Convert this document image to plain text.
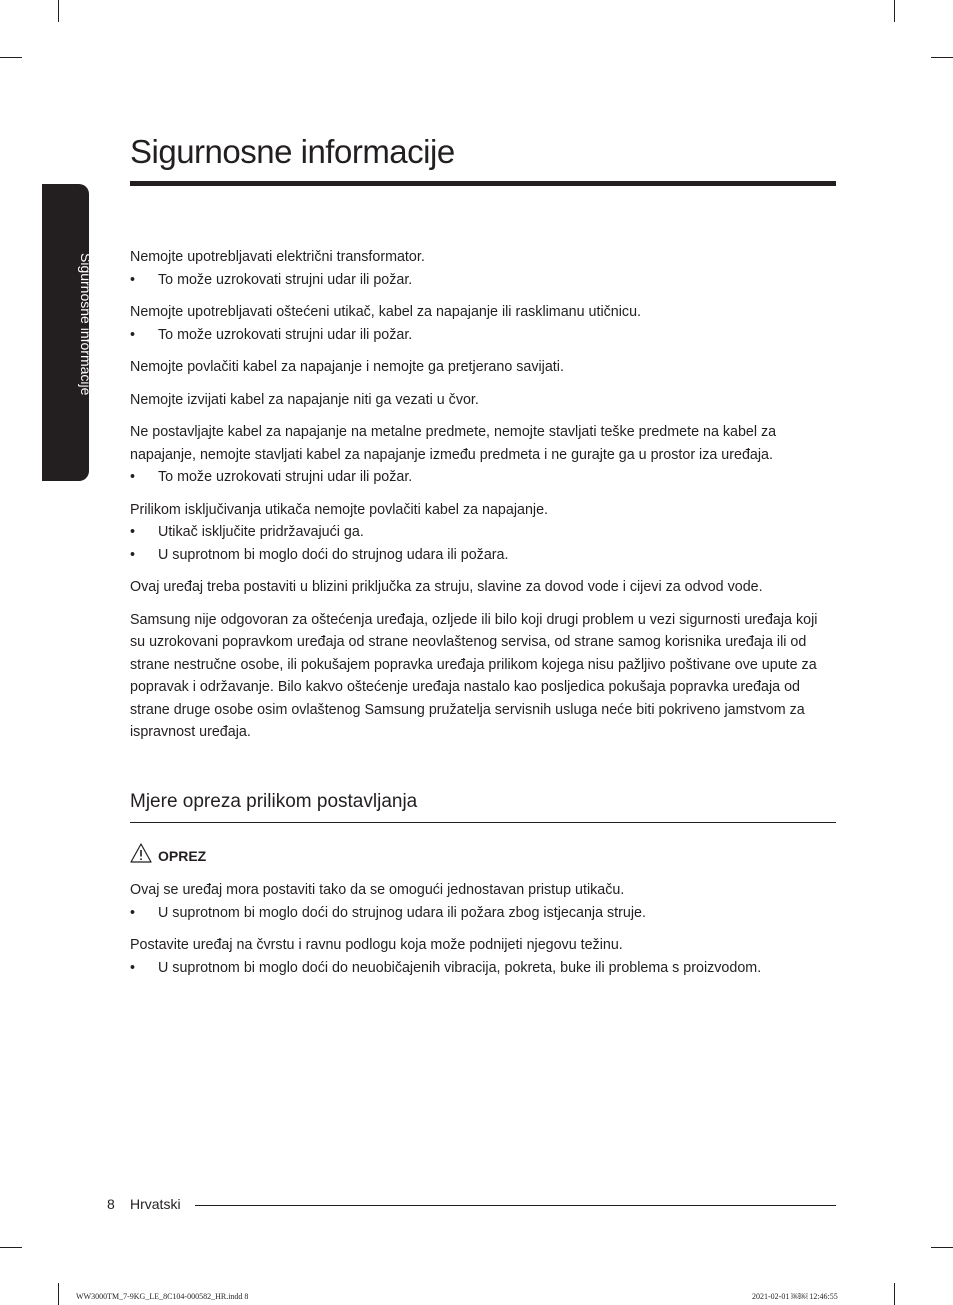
Sigurnosne informacije
Sigurnosne informacije

Nemojte upotrebljavati električni transformator.

• To može uzrokovati strujni udar ili požar.

Nemojte upotrebljavati oštećeni utikač, kabel za napajanje ili rasklimanu utičnicu.

• To može uzrokovati strujni udar ili požar.

Nemojte povlačiti kabel za napajanje i nemojte ga pretjerano savijati.

Nemojte izvijati kabel za napajanje niti ga vezati u čvor.

Ne postavljajte kabel za napajanje na metalne predmete, nemojte stavljati teške predmete na kabel za napajanje, nemojte stavljati kabel za napajanje između predmeta i ne gurajte ga u prostor iza uređaja.

• To može uzrokovati strujni udar ili požar.

Prilikom isključivanja utikača nemojte povlačiti kabel za napajanje.

• Utikač isključite pridržavajući ga.
• U suprotnom bi moglo doći do strujnog udara ili požara.

Ovaj uređaj treba postaviti u blizini priključka za struju, slavine za dovod vode i cijevi za odvod vode.

Samsung nije odgovoran za oštećenja uređaja, ozljede ili bilo koji drugi problem u vezi sigurnosti uređaja koji su uzrokovani popravkom uređaja od strane neovlaštenog servisa, od strane samog korisnika uređaja ili od strane nestručne osobe, ili pokušajem popravka uređaja prilikom kojega nisu pažljivo poštivane ove upute za popravak i održavanje. Bilo kakvo oštećenje uređaja nastalo kao posljedica pokušaja popravka uređaja od strane druge osobe osim ovlaštenog Samsung pružatelja servisnih usluga neće biti pokriveno jamstvom za ispravnost uređaja.

Mjere opreza prilikom postavljanja
OPREZ

Ovaj se uređaj mora postaviti tako da se omogući jednostavan pristup utikaču.

• U suprotnom bi moglo doći do strujnog udara ili požara zbog istjecanja struje.

Postavite uređaj na čvrstu i ravnu podlogu koja može podnijeti njegovu težinu.

• U suprotnom bi moglo doći do neuobičajenih vibracija, pokreta, buke ili problema s proizvodom.
8 Hrvatski
WW3000TM_7-9KG_LE_8C104-000582_HR.indd 8	2021-02-01 ￼￼ 12:46:55
